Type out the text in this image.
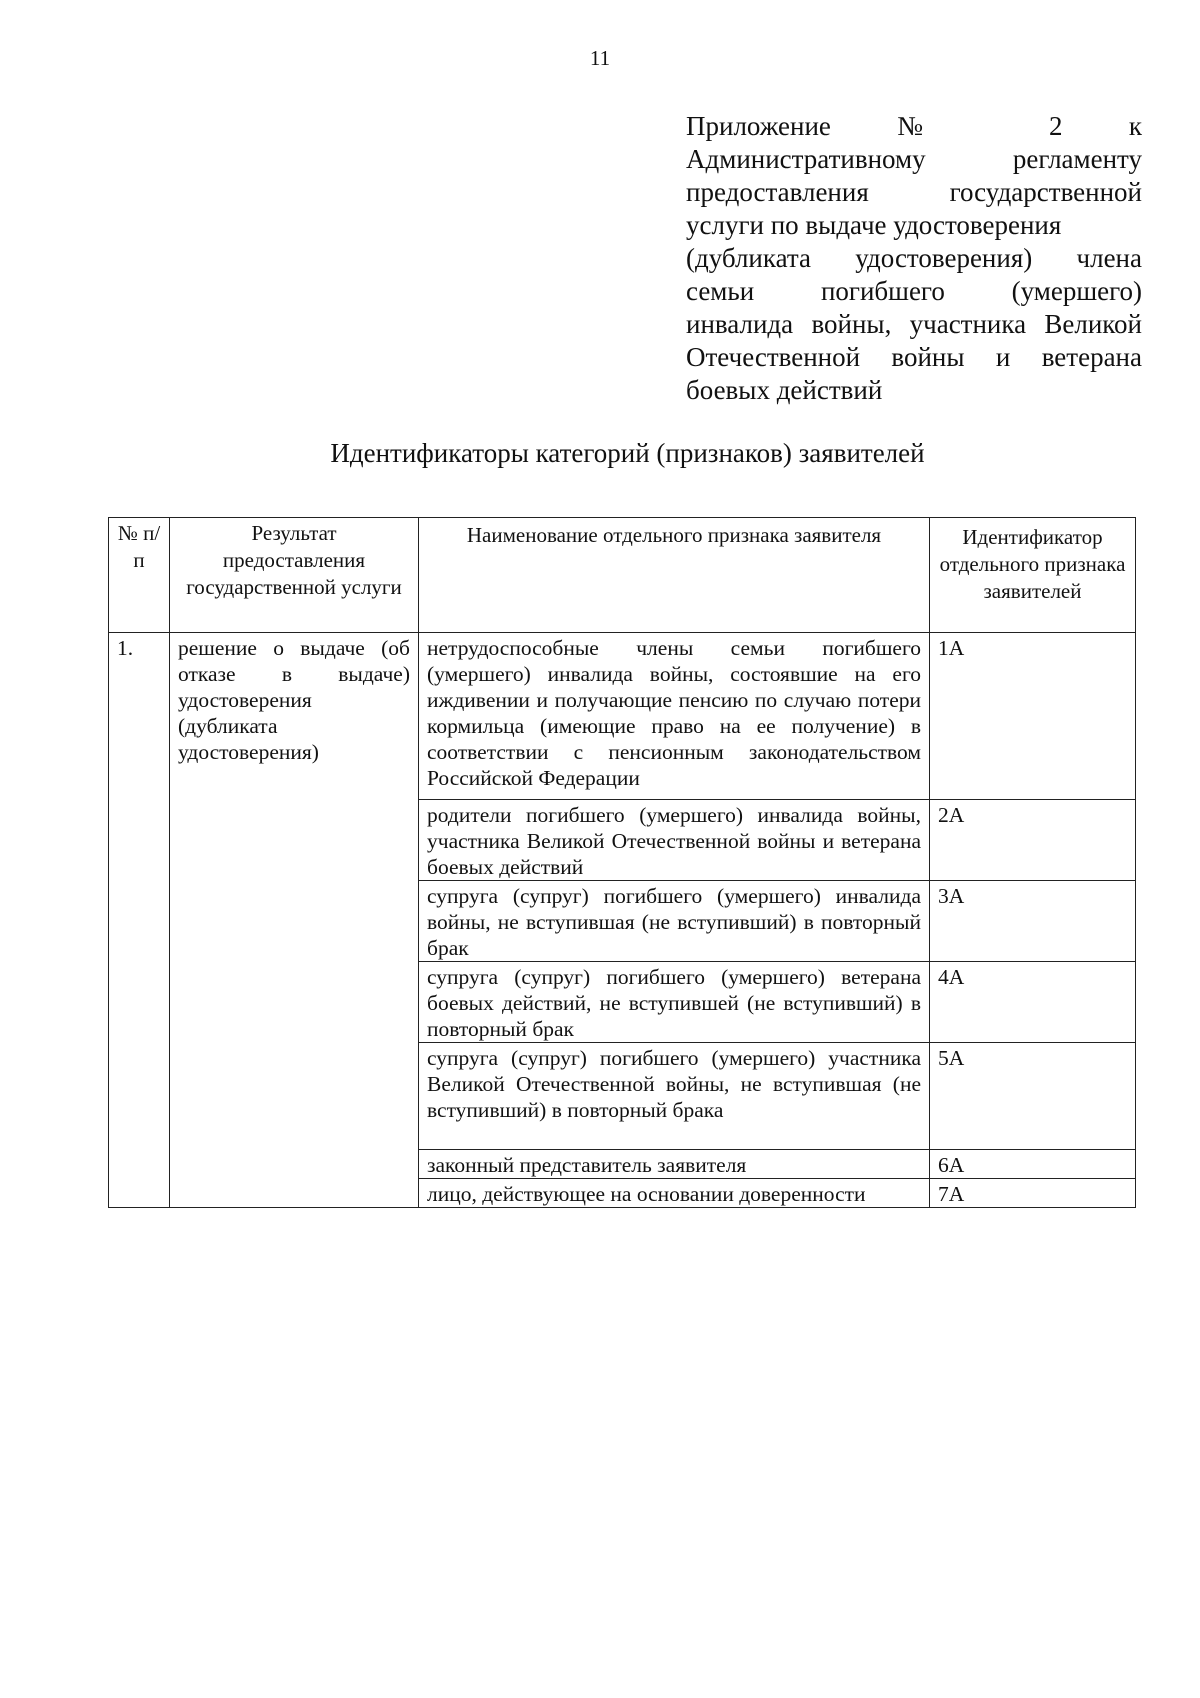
11
Приложение № 2 к
Административному регламенту
предоставления государственной
услуги по выдаче удостоверения
(дубликата удостоверения) члена
семьи погибшего (умершего)
инвалида войны, участника Великой
Отечественной войны и ветерана
боевых действий
Идентификаторы категорий (признаков) заявителей
№ п/п	Результат предоставления государственной услуги	Наименование отдельного признака заявителя	Идентификатор отдельного признака заявителей
1.	решение о выдаче (об отказе в выдаче) удостоверения (дубликата удостоверения)	нетрудоспособные члены семьи погибшего (умершего) инвалида войны, состоявшие на его иждивении и получающие пенсию по случаю потери кормильца (имеющие право на ее получение) в соответствии с пенсионным законодательством Российской Федерации	1А
		родители погибшего (умершего) инвалида войны, участника Великой Отечественной войны и ветерана боевых действий	2А
		супруга (супруг) погибшего (умершего) инвалида войны, не вступившая (не вступивший) в повторный брак	3А
		супруга (супруг) погибшего (умершего) ветерана боевых действий, не вступившей (не вступивший) в повторный брак	4А
		супруга (супруг) погибшего (умершего) участника Великой Отечественной войны, не вступившая (не вступивший) в повторный брака	5А
		законный представитель заявителя	6А
		лицо, действующее на основании доверенности	7А
